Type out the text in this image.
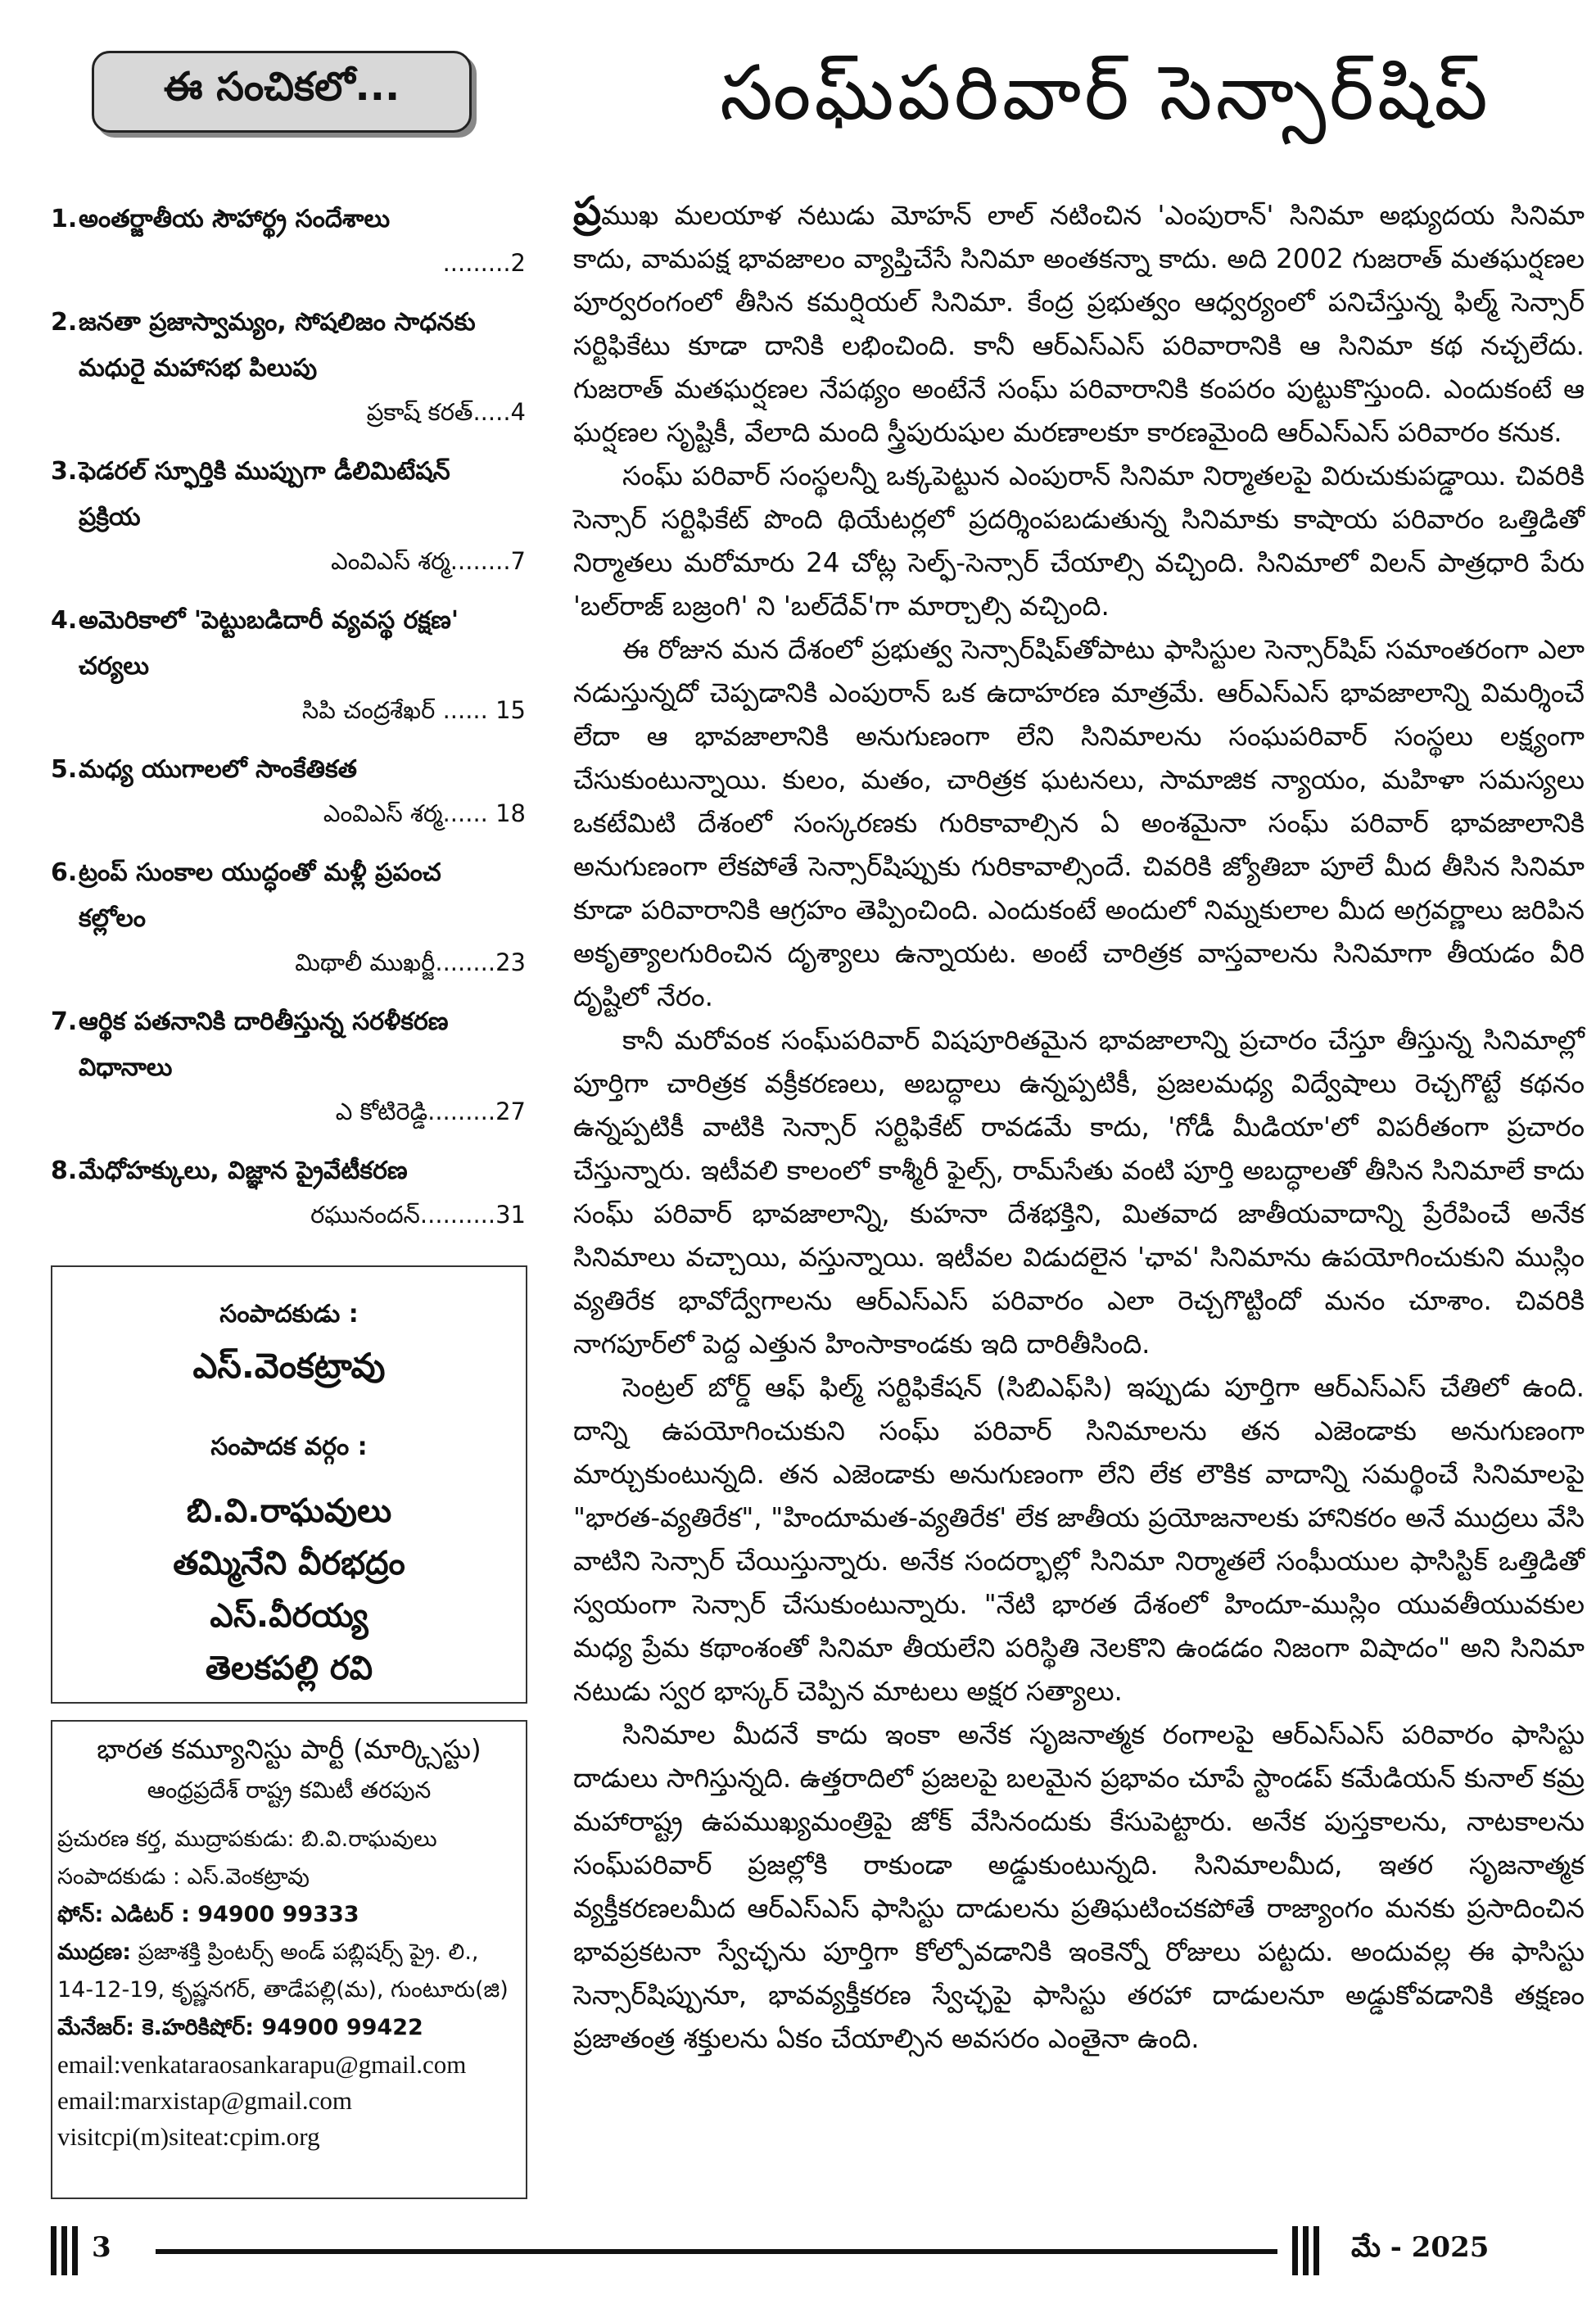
ఈ సంచికలో...
1.అంతర్జాతీయ సౌహార్థ్ర సందేశాలు
.........2
2.జనతా ప్రజాస్వామ్యం, సోషలిజం సాధనకు
మధురై మహాసభ పిలుపు
ప్రకాష్ కరత్.....4
3.ఫెడరల్ స్ఫూర్తికి ముప్పుగా డీలిమిటేషన్
ప్రక్రియ
ఎంవిఎస్ శర్మ........7
4.అమెరికాలో 'పెట్టుబడిదారీ వ్యవస్థ రక్షణ'
చర్యలు
సిపి చంద్రశేఖర్ ...... 15
5.మధ్య యుగాలలో సాంకేతికత
ఎంవిఎస్ శర్మ...... 18
6.ట్రంప్ సుంకాల యుద్ధంతో మళ్లీ ప్రపంచ
కల్లోలం
మిథాలీ ముఖర్జీ........23
7.ఆర్థిక పతనానికి దారితీస్తున్న సరళీకరణ
విధానాలు
ఎ కోటిరెడ్డి.........27
8.మేధోహక్కులు, విజ్ఞాన ప్రైవేటీకరణ
రఘునందన్..........31
సంపాదకుడు :
ఎస్.వెంకట్రావు
సంపాదక వర్గం :
బి.వి.రాఘవులు
తమ్మినేని వీరభద్రం
ఎస్.వీరయ్య
తెలకపల్లి రవి
భారత కమ్యూనిస్టు పార్టీ (మార్క్సిస్టు)
ఆంధ్రప్రదేశ్ రాష్ట్ర కమిటీ తరపున
ప్రచురణ కర్త, ముద్రాపకుడు: బి.వి.రాఘవులు
సంపాదకుడు : ఎస్.వెంకట్రావు
ఫోన్: ఎడిటర్ : 94900 99333
ముద్రణ: ప్రజాశక్తి ప్రింటర్స్ అండ్ పబ్లిషర్స్ ప్రై. లి., 14-12-19, కృష్ణనగర్, తాడేపల్లి(మ), గుంటూరు(జి)
మేనేజర్: కె.హరికిషోర్: 94900 99422
email:venkataraosankarapu@gmail.com
email:marxistap@gmail.com
visitcpi(m)siteat:cpim.org
సంఘ్‌పరివార్ సెన్సార్‌షిప్

ప్రముఖ మలయాళ నటుడు మోహన్ లాల్ నటించిన 'ఎంపురాన్' సినిమా అభ్యుదయ సినిమా కాదు, వామపక్ష భావజాలం వ్యాప్తిచేసే సినిమా అంతకన్నా కాదు. అది 2002 గుజరాత్ మతఘర్షణల పూర్వరంగంలో తీసిన కమర్షియల్ సినిమా. కేంద్ర ప్రభుత్వం ఆధ్వర్యంలో పనిచేస్తున్న ఫిల్మ్ సెన్సార్ సర్టిఫికేటు కూడా దానికి లభించింది. కానీ ఆర్‌ఎస్‌ఎస్ పరివారానికి ఆ సినిమా కథ నచ్చలేదు. గుజరాత్ మతఘర్షణల నేపథ్యం అంటేనే సంఘ్ పరివారానికి కంపరం పుట్టుకొస్తుంది. ఎందుకంటే ఆ ఘర్షణల సృష్టికీ, వేలాది మంది స్త్రీపురుషుల మరణాలకూ కారణమైంది ఆర్‌ఎస్‌ఎస్ పరివారం కనుక.

సంఘ్ పరివార్ సంస్థలన్నీ ఒక్కపెట్టున ఎంపురాన్ సినిమా నిర్మాతలపై విరుచుకుపడ్డాయి. చివరికి సెన్సార్ సర్టిఫికేట్ పొంది థియేటర్లలో ప్రదర్శింపబడుతున్న సినిమాకు కాషాయ పరివారం ఒత్తిడితో నిర్మాతలు మరోమారు 24 చోట్ల సెల్ఫ్-సెన్సార్ చేయాల్సి వచ్చింది. సినిమాలో విలన్ పాత్రధారి పేరు 'బల్‌రాజ్ బజ్రంగి' ని 'బల్‌దేవ్'గా మార్చాల్సి వచ్చింది.

ఈ రోజున మన దేశంలో ప్రభుత్వ సెన్సార్‌షిప్‌తోపాటు ఫాసిస్టుల సెన్సార్‌షిప్ సమాంతరంగా ఎలా నడుస్తున్నదో చెప్పడానికి ఎంపురాన్ ఒక ఉదాహరణ మాత్రమే. ఆర్‌ఎస్‌ఎస్ భావజాలాన్ని విమర్శించే లేదా ఆ భావజాలానికి అనుగుణంగా లేని సినిమాలను సంఘపరివార్ సంస్థలు లక్ష్యంగా చేసుకుంటున్నాయి. కులం, మతం, చారిత్రక ఘటనలు, సామాజిక న్యాయం, మహిళా సమస్యలు ఒకటేమిటి దేశంలో సంస్కరణకు గురికావాల్సిన ఏ అంశమైనా సంఘ్ పరివార్ భావజాలానికి అనుగుణంగా లేకపోతే సెన్సార్‌షిప్పుకు గురికావాల్సిందే. చివరికి జ్యోతిబా పూలే మీద తీసిన సినిమా కూడా పరివారానికి ఆగ్రహం తెప్పించింది. ఎందుకంటే అందులో నిమ్నకులాల మీద అగ్రవర్ణాలు జరిపిన అకృత్యాలగురించిన దృశ్యాలు ఉన్నాయట. అంటే చారిత్రక వాస్తవాలను సినిమాగా తీయడం వీరి దృష్టిలో నేరం.

కానీ మరోవంక సంఘ్‌పరివార్ విషపూరితమైన భావజాలాన్ని ప్రచారం చేస్తూ తీస్తున్న సినిమాల్లో పూర్తిగా చారిత్రక వక్రీకరణలు, అబద్ధాలు ఉన్నప్పటికీ, ప్రజలమధ్య విద్వేషాలు రెచ్చగొట్టే కథనం ఉన్నప్పటికీ వాటికి సెన్సార్ సర్టిఫికేట్ రావడమే కాదు, 'గోడీ మీడియా'లో విపరీతంగా ప్రచారం చేస్తున్నారు. ఇటీవలి కాలంలో కాశ్మీరీ ఫైల్స్, రామ్‌సేతు వంటి పూర్తి అబద్ధాలతో తీసిన సినిమాలే కాదు సంఘ్ పరివార్ భావజాలాన్ని, కుహనా దేశభక్తిని, మితవాద జాతీయవాదాన్ని ప్రేరేపించే అనేక సినిమాలు వచ్చాయి, వస్తున్నాయి. ఇటీవల విడుదలైన 'ఛావ' సినిమాను ఉపయోగించుకుని ముస్లిం వ్యతిరేక భావోద్వేగాలను ఆర్‌ఎస్‌ఎస్ పరివారం ఎలా రెచ్చగొట్టిందో మనం చూశాం. చివరికి నాగపూర్‌లో పెద్ద ఎత్తున హింసాకాండకు ఇది దారితీసింది.

సెంట్రల్ బోర్డ్ ఆఫ్ ఫిల్మ్ సర్టిఫికేషన్ (సిబిఎఫ్‌సి) ఇప్పుడు పూర్తిగా ఆర్‌ఎస్‌ఎస్ చేతిలో ఉంది. దాన్ని ఉపయోగించుకుని సంఘ్ పరివార్ సినిమాలను తన ఎజెండాకు అనుగుణంగా మార్చుకుంటున్నది. తన ఎజెండాకు అనుగుణంగా లేని లేక లౌకిక వాదాన్ని సమర్థించే సినిమాలపై "భారత-వ్యతిరేక", "హిందూమత-వ్యతిరేక' లేక జాతీయ ప్రయోజనాలకు హానికరం అనే ముద్రలు వేసి వాటిని సెన్సార్ చేయిస్తున్నారు. అనేక సందర్భాల్లో సినిమా నిర్మాతలే సంఘీయుల ఫాసిస్టిక్ ఒత్తిడితో స్వయంగా సెన్సార్ చేసుకుంటున్నారు. "నేటి భారత దేశంలో హిందూ-ముస్లిం యువతీయువకుల మధ్య ప్రేమ కథాంశంతో సినిమా తీయలేని పరిస్థితి నెలకొని ఉండడం నిజంగా విషాదం" అని సినిమా నటుడు స్వర భాస్కర్ చెప్పిన మాటలు అక్షర సత్యాలు.

సినిమాల మీదనే కాదు ఇంకా అనేక సృజనాత్మక రంగాలపై ఆర్‌ఎస్‌ఎస్ పరివారం ఫాసిస్టు దాడులు సాగిస్తున్నది. ఉత్తరాదిలో ప్రజలపై బలమైన ప్రభావం చూపే స్టాండప్ కమేడియన్ కునాల్ కమ్ర మహారాష్ట్ర ఉపముఖ్యమంత్రిపై జోక్ వేసినందుకు కేసుపెట్టారు. అనేక పుస్తకాలను, నాటకాలను సంఘ్‌పరివార్ ప్రజల్లోకి రాకుండా అడ్డుకుంటున్నది. సినిమాలమీద, ఇతర సృజనాత్మక వ్యక్తీకరణలమీద ఆర్‌ఎస్‌ఎస్ ఫాసిస్టు దాడులను ప్రతిఘటించకపోతే రాజ్యాంగం మనకు ప్రసాదించిన భావప్రకటనా స్వేచ్ఛను పూర్తిగా కోల్పోవడానికి ఇంకెన్నో రోజులు పట్టదు. అందువల్ల ఈ ఫాసిస్టు సెన్సార్‌షిప్పునూ, భావవ్యక్తీకరణ స్వేచ్ఛపై ఫాసిస్టు తరహా దాడులనూ అడ్డుకోవడానికి తక్షణం ప్రజాతంత్ర శక్తులను ఏకం చేయాల్సిన అవసరం ఎంతైనా ఉంది.

3	మే - 2025
